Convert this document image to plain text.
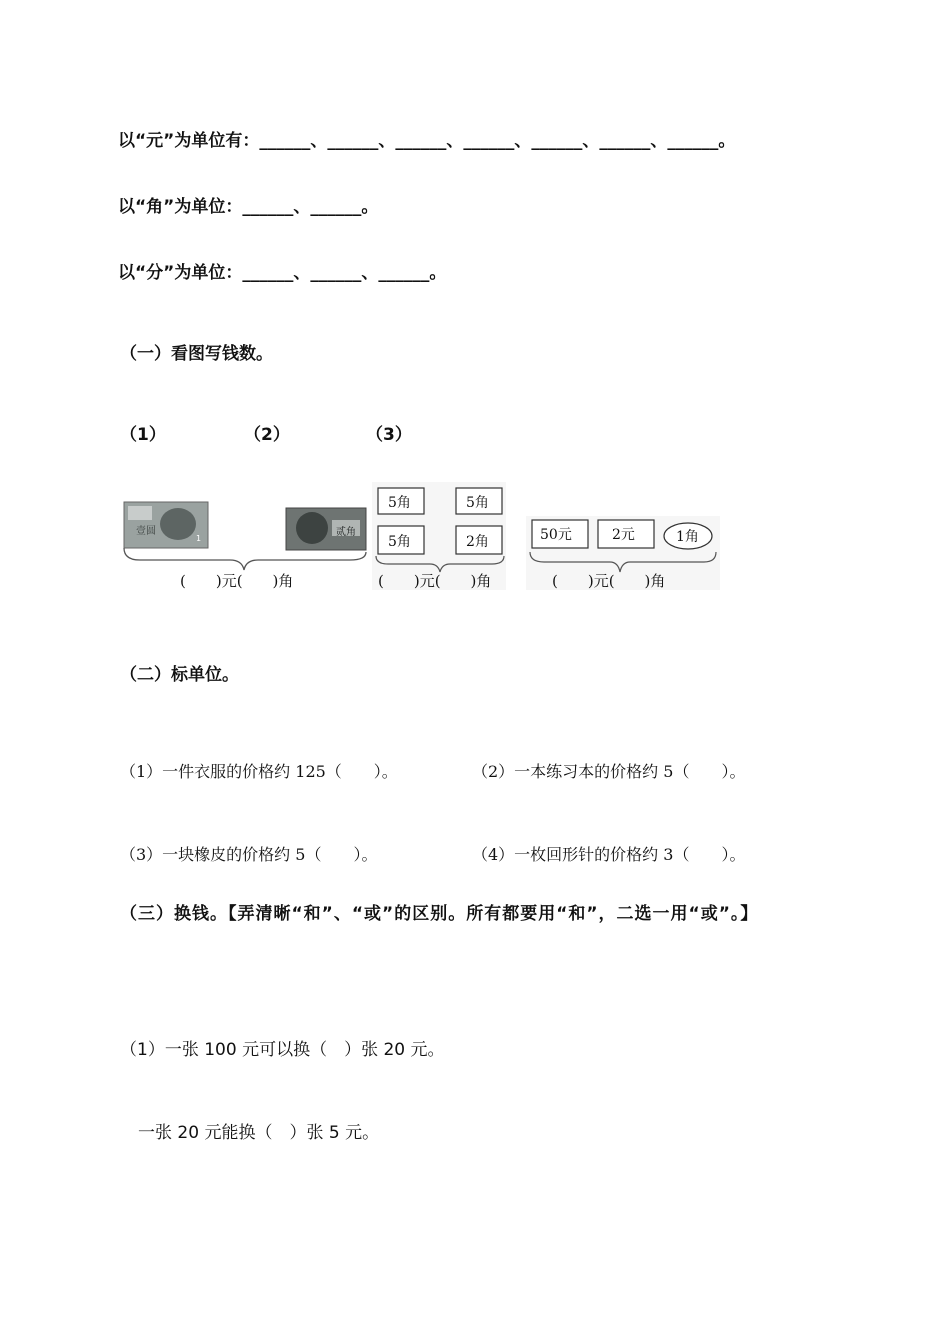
以“元”为单位有：______、______、______、______、______、______、______。
以“角”为单位：______、______。
以“分”为单位：______、______、______。
（一）看图写钱数。
（1）	（2）	（3）
壹圆	贰角
1
(　　)元(　　)角
5角	5角
5角	2角
(　　)元(　　)角
50元	2元	1角
(　　)元(　　)角
（二）标单位。
（1）一件衣服的价格约 125（　　）。	（2）一本练习本的价格约 5（　　）。
（3）一块橡皮的价格约 5（　　）。	（4）一枚回形针的价格约 3（　　）。
（三）换钱。【弄清晰“和”、“或”的区别。所有都要用“和”，二选一用“或”。】
（1）一张 100 元可以换（　）张 20 元。
一张 20 元能换（　）张 5 元。
